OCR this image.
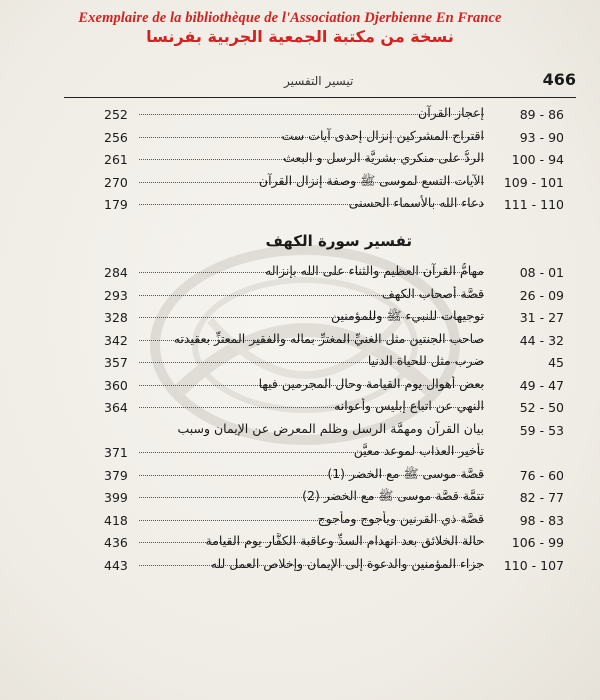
Exemplaire de la bibliothèque de l'Association Djerbienne En France
نسخة من مكتبة الجمعية الجربية بفرنسا
466
تيسير التفسير
89 - 86
إعجاز القرآن
252
93 - 90
اقتراح المشركين إنزال إحدى آيات ست
256
100 - 94
الردُّ على منكري بشريَّة الرسل و البعث
261
109 - 101
الآيات التسع لموسى ﷺ وصفة إنزال القرآن
270
111 - 110
دعاء الله بالأسماء الحسنى
179
تفسير سورة الكهف
08 - 01
مهامُّ القرآن العظيم والثناء على الله بإنزاله
284
26 - 09
قصَّة أصحاب الكهف
293
31 - 27
توجيهات للنبيء ﷺ وللمؤمنين
328
44 - 32
صاحب الجنتين مثل الغنيِّ المغترِّ بماله والفقير المعتزِّ بعقيدته
342
45
ضرب مثل للحياة الدنيا
357
49 - 47
بعض أهوال يوم القيامة وحال المجرمين فيها
360
52 - 50
النهي عن اتباع إبليس وأعوانه
364
59 - 53
بيان القرآن ومهمَّة الرسل وظلم المعرض عن الإيمان وسبب
تأخير العذاب لموعد معيَّن
371
76 - 60
قصَّة موسى ﷺ مع الخضر (1)
379
82 - 77
تتمَّة قصَّة موسى ﷺ مع الخضر (2)
399
98 - 83
قصَّة ذي القرنين ويأجوج ومأجوج
418
106 - 99
حالة الخلائق بعد انهدام السدِّ وعاقبة الكفَّار يوم القيامة
436
110 - 107
جزاء المؤمنين والدعوة إلى الإيمان وإخلاص العمل لله
443
